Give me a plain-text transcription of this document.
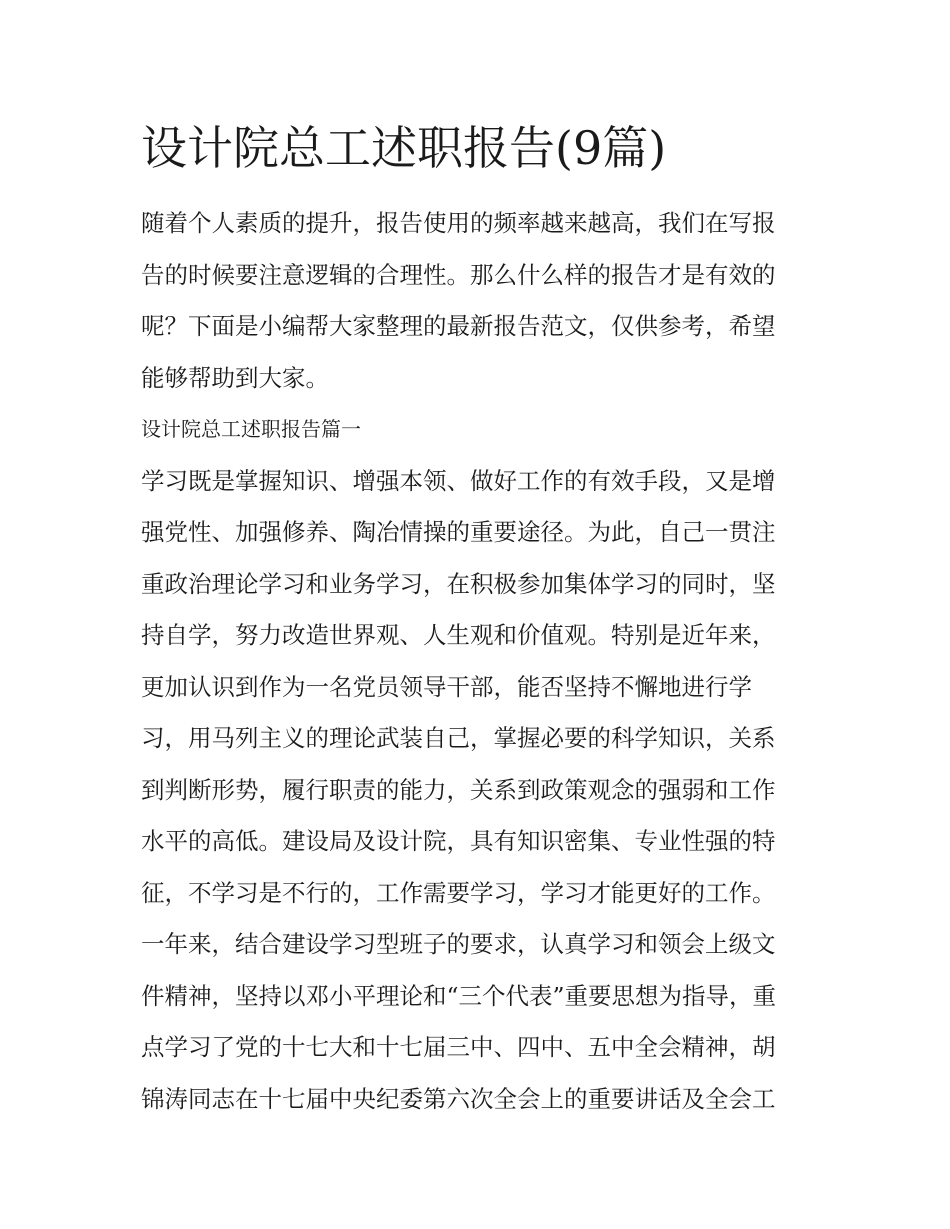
设计院总工述职报告(9篇)
随着个人素质的提升，报告使用的频率越来越高，我们在写报
告的时候要注意逻辑的合理性。那么什么样的报告才是有效的
呢？下面是小编帮大家整理的最新报告范文，仅供参考，希望
能够帮助到大家。
设计院总工述职报告篇一
学习既是掌握知识、增强本领、做好工作的有效手段，又是增
强党性、加强修养、陶冶情操的重要途径。为此，自己一贯注
重政治理论学习和业务学习，在积极参加集体学习的同时，坚
持自学，努力改造世界观、人生观和价值观。特别是近年来，
更加认识到作为一名党员领导干部，能否坚持不懈地进行学
习，用马列主义的理论武装自己，掌握必要的科学知识，关系
到判断形势，履行职责的能力，关系到政策观念的强弱和工作
水平的高低。建设局及设计院，具有知识密集、专业性强的特
征，不学习是不行的，工作需要学习，学习才能更好的工作。
一年来，结合建设学习型班子的要求，认真学习和领会上级文
件精神，坚持以邓小平理论和“三个代表”重要思想为指导，重
点学习了党的十七大和十七届三中、四中、五中全会精神，胡
锦涛同志在十七届中央纪委第六次全会上的重要讲话及全会工
